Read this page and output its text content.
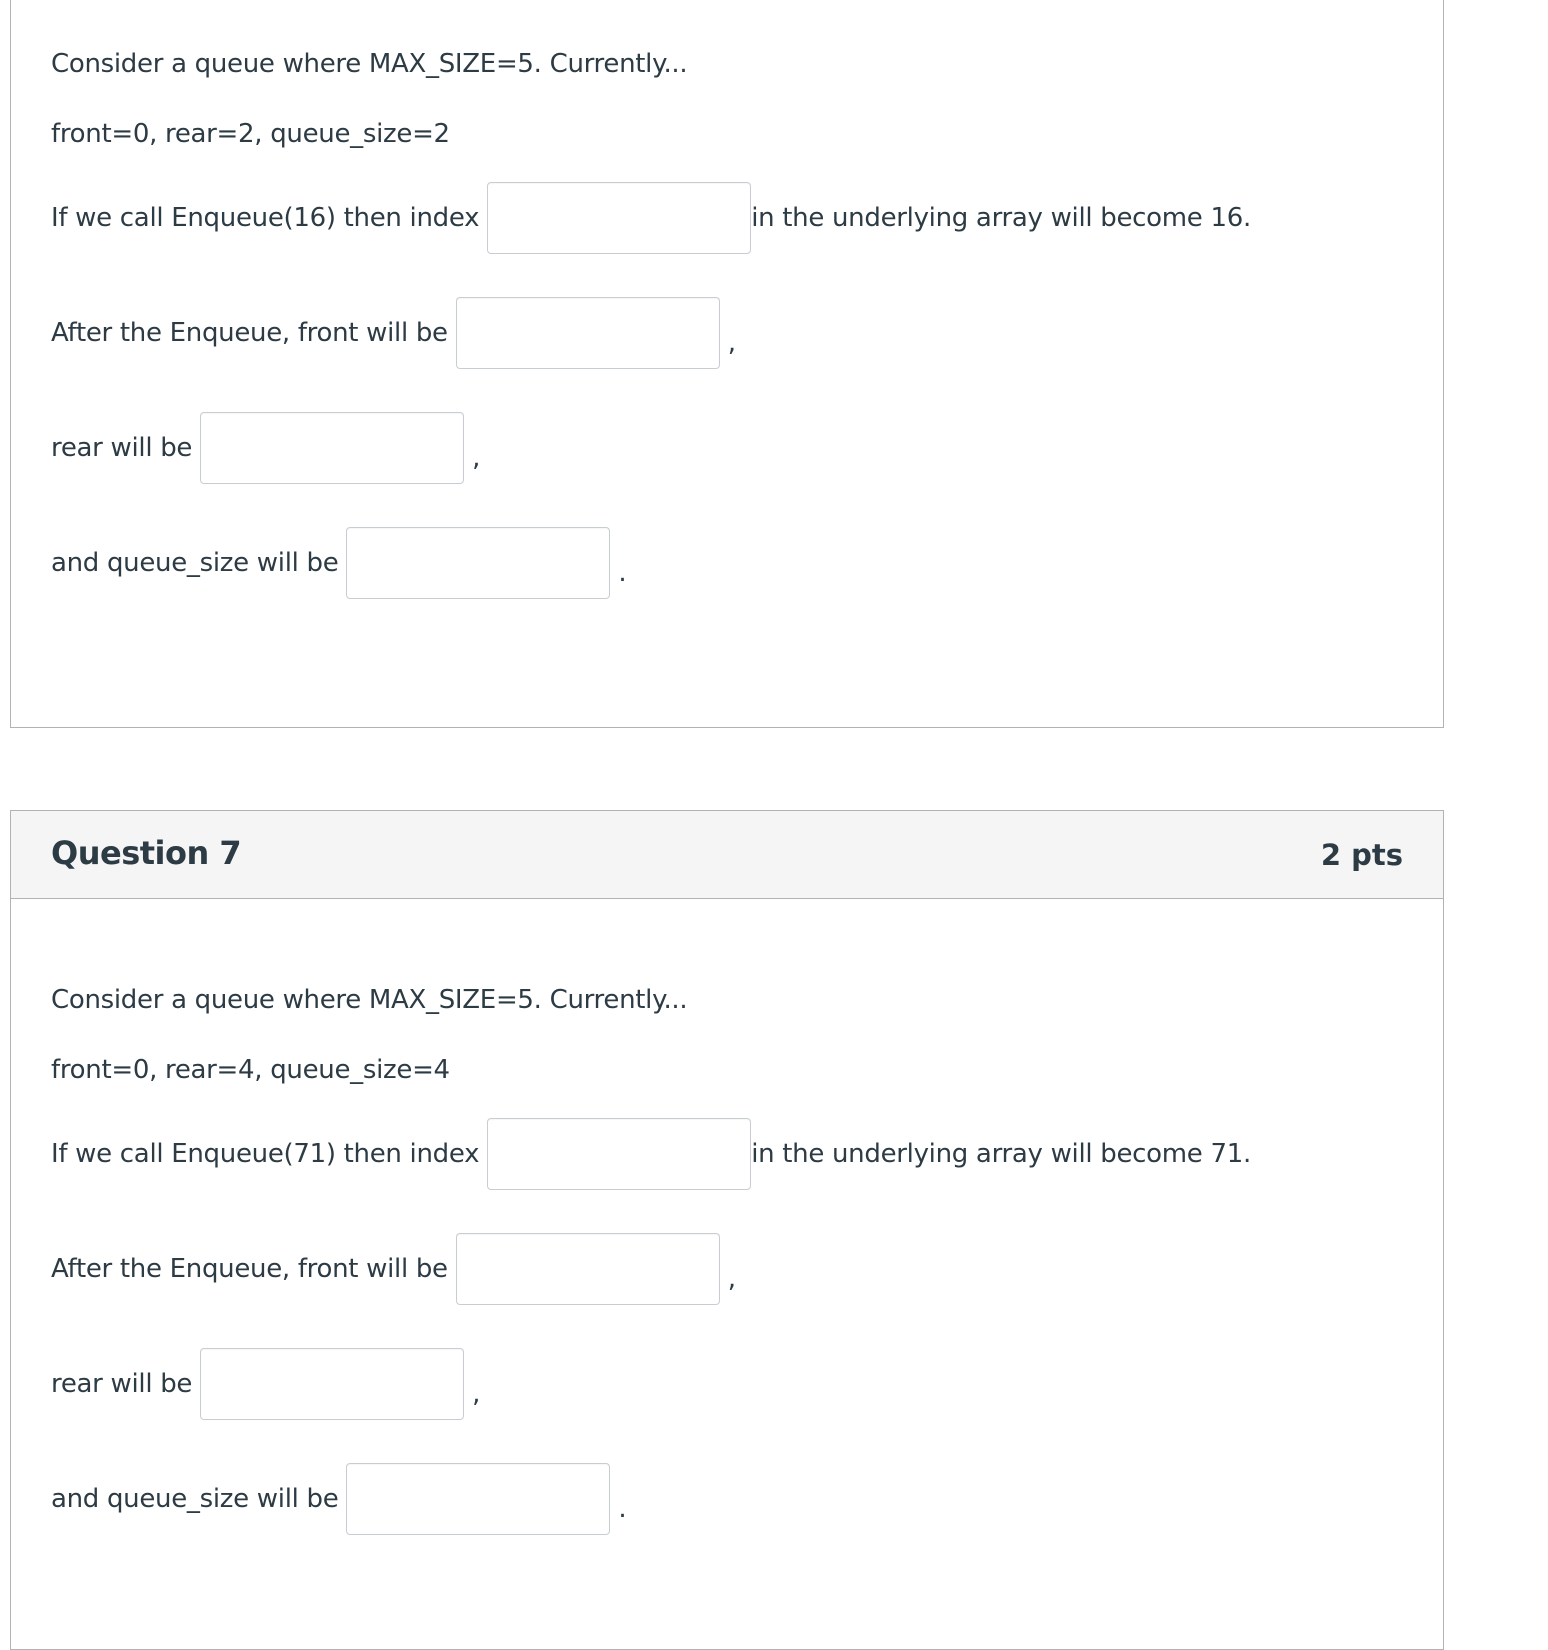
Consider a queue where MAX_SIZE=5. Currently...
front=0, rear=2, queue_size=2
If we call Enqueue(16) then index	in the underlying array will become 16.
After the Enqueue, front will be	,
rear will be	,
and queue_size will be	.
Question 7	2 pts
Consider a queue where MAX_SIZE=5. Currently...
front=0, rear=4, queue_size=4
If we call Enqueue(71) then index	in the underlying array will become 71.
After the Enqueue, front will be	,
rear will be	,
and queue_size will be	.
